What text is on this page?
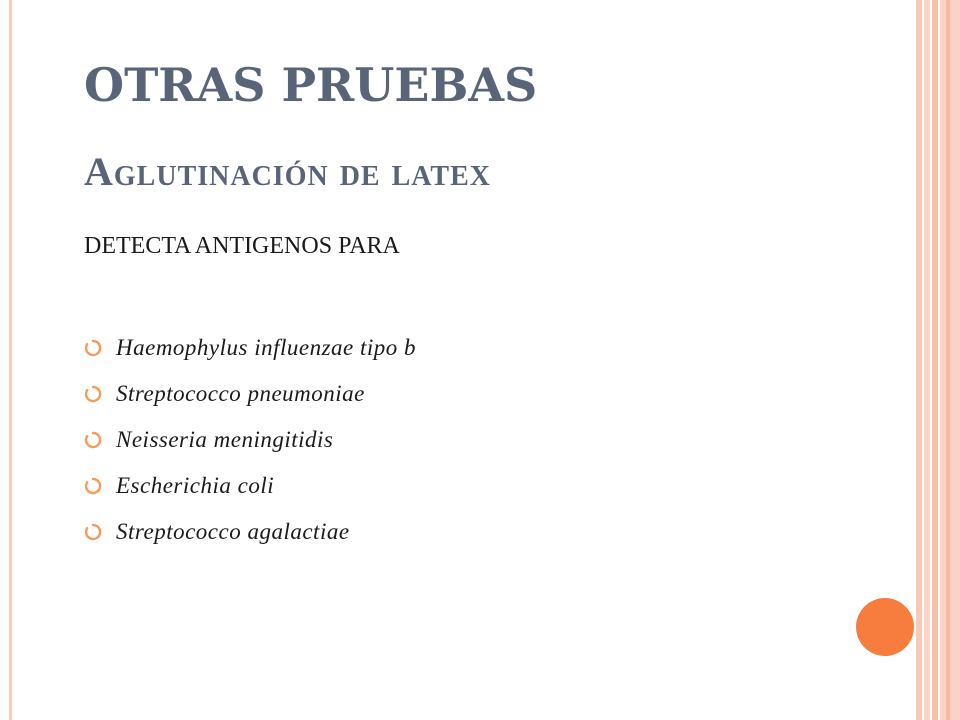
OTRAS PRUEBAS
Aglutinación de latex
DETECTA ANTIGENOS PARA
Haemophylus influenzae tipo b
Streptococco pneumoniae
Neisseria meningitidis
Escherichia coli
Streptococco agalactiae
